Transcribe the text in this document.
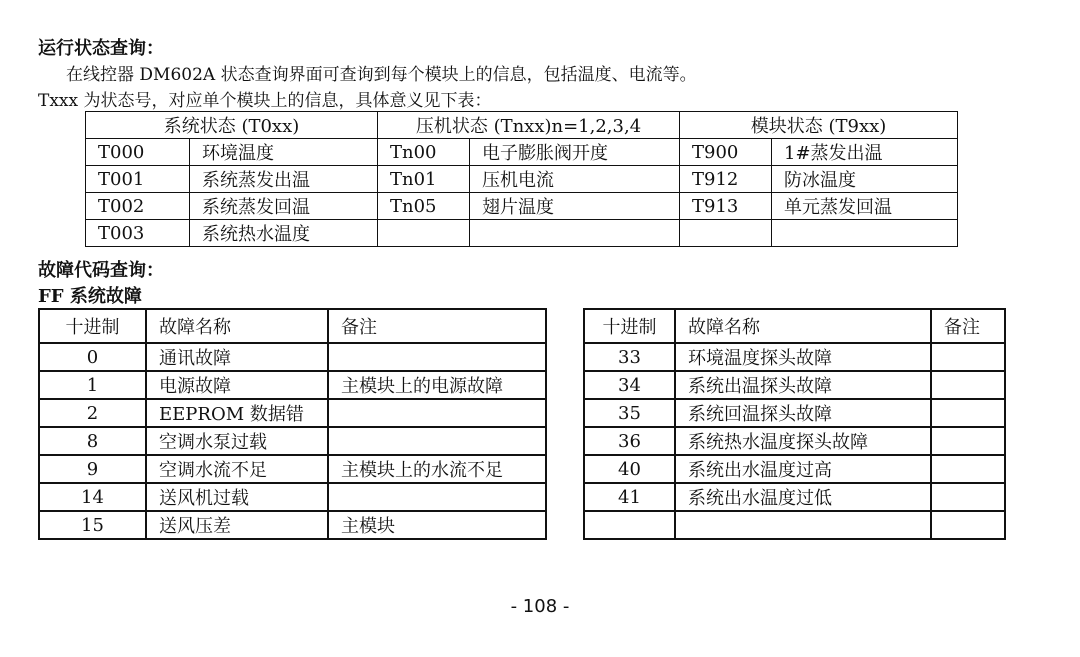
运行状态查询：
在线控器 DM602A 状态查询界面可查询到每个模块上的信息，包括温度、电流等。
Txxx 为状态号，对应单个模块上的信息，具体意义见下表：
系统状态 (T0xx)		压机状态 (Tnxx)n=1,2,3,4		模块状态 (T9xx)	
T000	环境温度	Tn00	电子膨胀阀开度	T900	1#蒸发出温
T001	系统蒸发出温	Tn01	压机电流	T912	防冰温度
T002	系统蒸发回温	Tn05	翅片温度	T913	单元蒸发回温
T003	系统热水温度				
故障代码查询：
FF 系统故障
十进制	故障名称	备注		十进制	故障名称	备注
0	通讯故障			33	环境温度探头故障	
1	电源故障	主模块上的电源故障		34	系统出温探头故障	
2	EEPROM 数据错			35	系统回温探头故障	
8	空调水泵过载			36	系统热水温度探头故障	
9	空调水流不足	主模块上的水流不足		40	系统出水温度过高	
14	送风机过载			41	系统出水温度过低	
15	送风压差	主模块				
- 108 -
